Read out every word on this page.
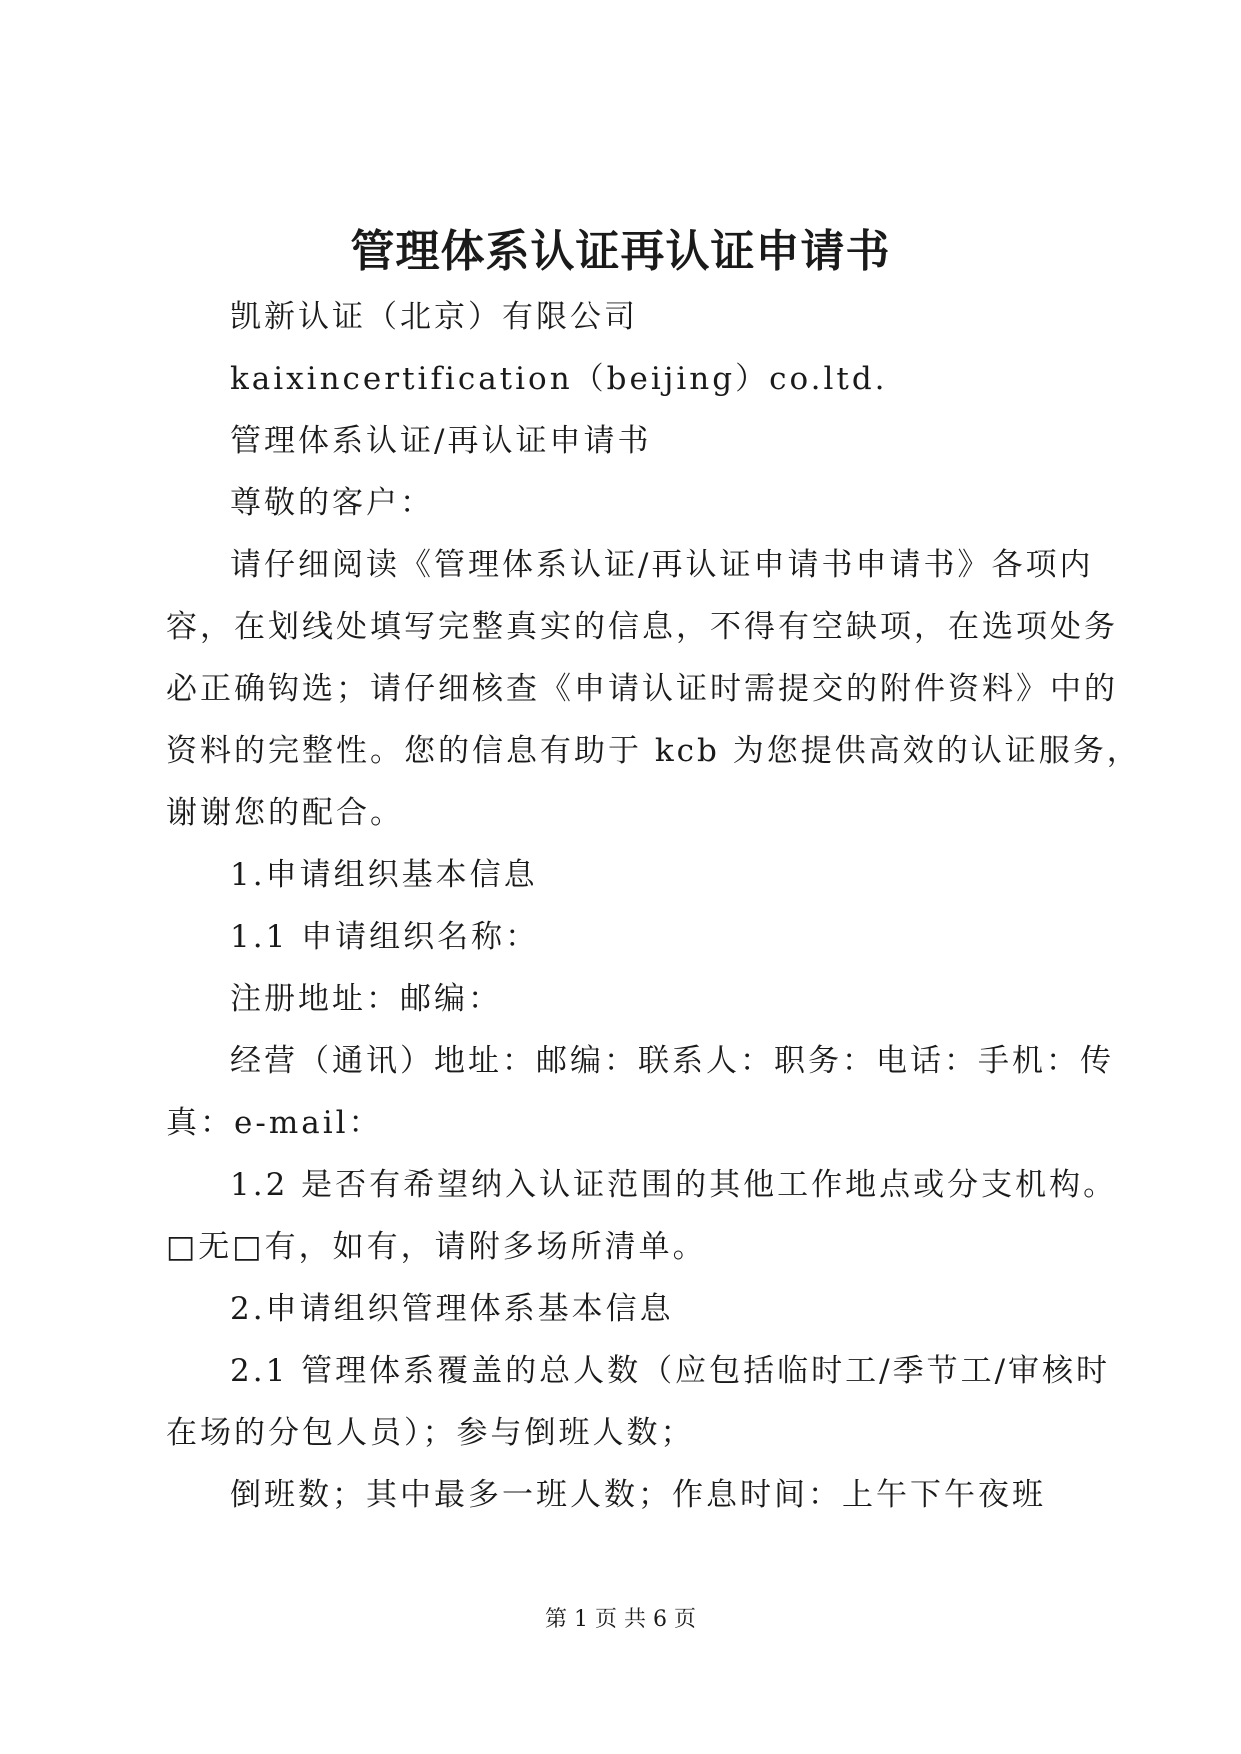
管理体系认证再认证申请书

凯新认证（北京）有限公司

kaixincertification（beijing）co.ltd.

管理体系认证/再认证申请书

尊敬的客户：

请仔细阅读《管理体系认证/再认证申请书申请书》各项内

容，在划线处填写完整真实的信息，不得有空缺项，在选项处务

必正确钩选；请仔细核查《申请认证时需提交的附件资料》中的

资料的完整性。您的信息有助于 kcb 为您提供高效的认证服务，

谢谢您的配合。

1.申请组织基本信息

1.1 申请组织名称：

注册地址：邮编：

经营（通讯）地址：邮编：联系人：职务：电话：手机：传

真：e-mail：

1.2 是否有希望纳入认证范围的其他工作地点或分支机构。

□无□有，如有，请附多场所清单。

2.申请组织管理体系基本信息

2.1 管理体系覆盖的总人数（应包括临时工/季节工/审核时

在场的分包人员）；参与倒班人数；

倒班数；其中最多一班人数；作息时间：上午下午夜班

第 1 页 共 6 页
